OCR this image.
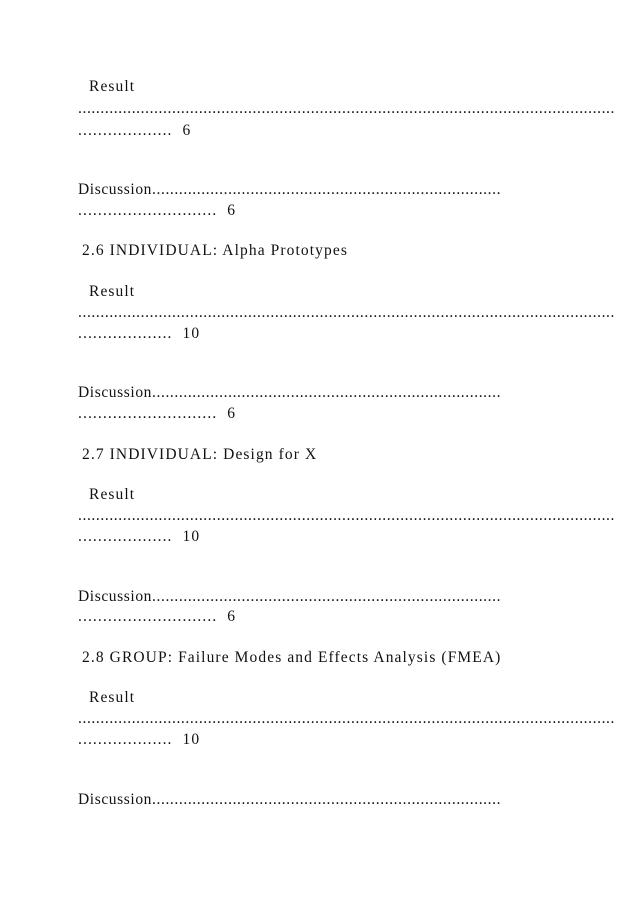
Result
........................................................................................................................
................... 6
Discussion..............................................................................
............................ 6
2.6 INDIVIDUAL: Alpha Prototypes
Result
........................................................................................................................
................... 10
Discussion..............................................................................
............................ 6
2.7 INDIVIDUAL: Design for X
Result
........................................................................................................................
................... 10
Discussion..............................................................................
............................ 6
2.8 GROUP: Failure Modes and Effects Analysis (FMEA)
Result
........................................................................................................................
................... 10
Discussion..............................................................................
